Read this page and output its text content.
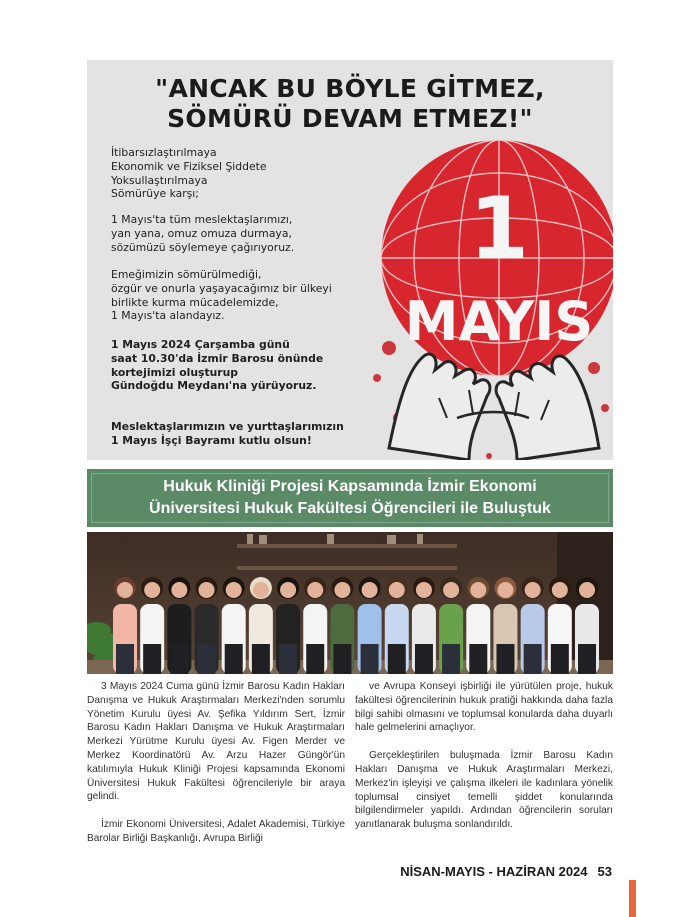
"ANCAK BU BÖYLE GİTMEZ,
SÖMÜRÜ DEVAM ETMEZ!"
İtibarsızlaştırılmaya
Ekonomik ve Fiziksel Şiddete
Yoksullaştırılmaya
Sömürüye karşı;
1 Mayıs'ta tüm meslektaşlarımızı,
yan yana, omuz omuza durmaya,
sözümüzü söylemeye çağırıyoruz.
Emeğimizin sömürülmediği,
özgür ve onurla yaşayacağımız bir ülkeyi
birlikte kurma mücadelemizde,
1 Mayıs'ta alandayız.
1 Mayıs 2024 Çarşamba günü
saat 10.30'da İzmir Barosu önünde
kortejimizi oluşturup
Gündoğdu Meydanı'na yürüyoruz.
Meslektaşlarımızın ve yurttaşlarımızın
1 Mayıs İşçi Bayramı kutlu olsun!
1
MAYIS
Hukuk Kliniği Projesi Kapsamında İzmir Ekonomi
Üniversitesi Hukuk Fakültesi Öğrencileri ile Buluştuk

3 Mayıs 2024 Cuma günü İzmir Barosu Kadın Hakları Danışma ve Hukuk Araştırmaları Merkezi'nden sorumlu Yönetim Kurulu üyesi Av. Şefika Yıldırım Sert, İzmir Barosu Kadın Hakları Danışma ve Hukuk Araştırmaları Merkezi Yürütme Kurulu üyesi Av. Figen Merder ve Merkez Koordinatörü Av. Arzu Hazer Güngör'ün katılımıyla Hukuk Kliniği Projesi kapsamında Ekonomi Üniversitesi Hukuk Fakültesi öğrencileriyle bir araya gelindi.

İzmir Ekonomi Üniversitesi, Adalet Akademisi, Türkiye Barolar Birliği Başkanlığı, Avrupa Birliği

ve Avrupa Konseyi işbirliği ile yürütülen proje, hukuk fakültesi öğrencilerinin hukuk pratiği hakkında daha fazla bilgi sahibi olmasını ve toplumsal konularda daha duyarlı hale gelmelerini amaçlıyor.

Gerçekleştirilen buluşmada İzmir Barosu Kadın Hakları Danışma ve Hukuk Araştırmaları Merkezi, Merkez'in işleyişi ve çalışma ilkeleri ile kadınlara yönelik toplumsal cinsiyet temelli şiddet konularında bilgilendirmeler yapıldı. Ardından öğrencilerin soruları yanıtlanarak buluşma sonlandırıldı.

NİSAN-MAYIS - HAZİRAN 2024 53
